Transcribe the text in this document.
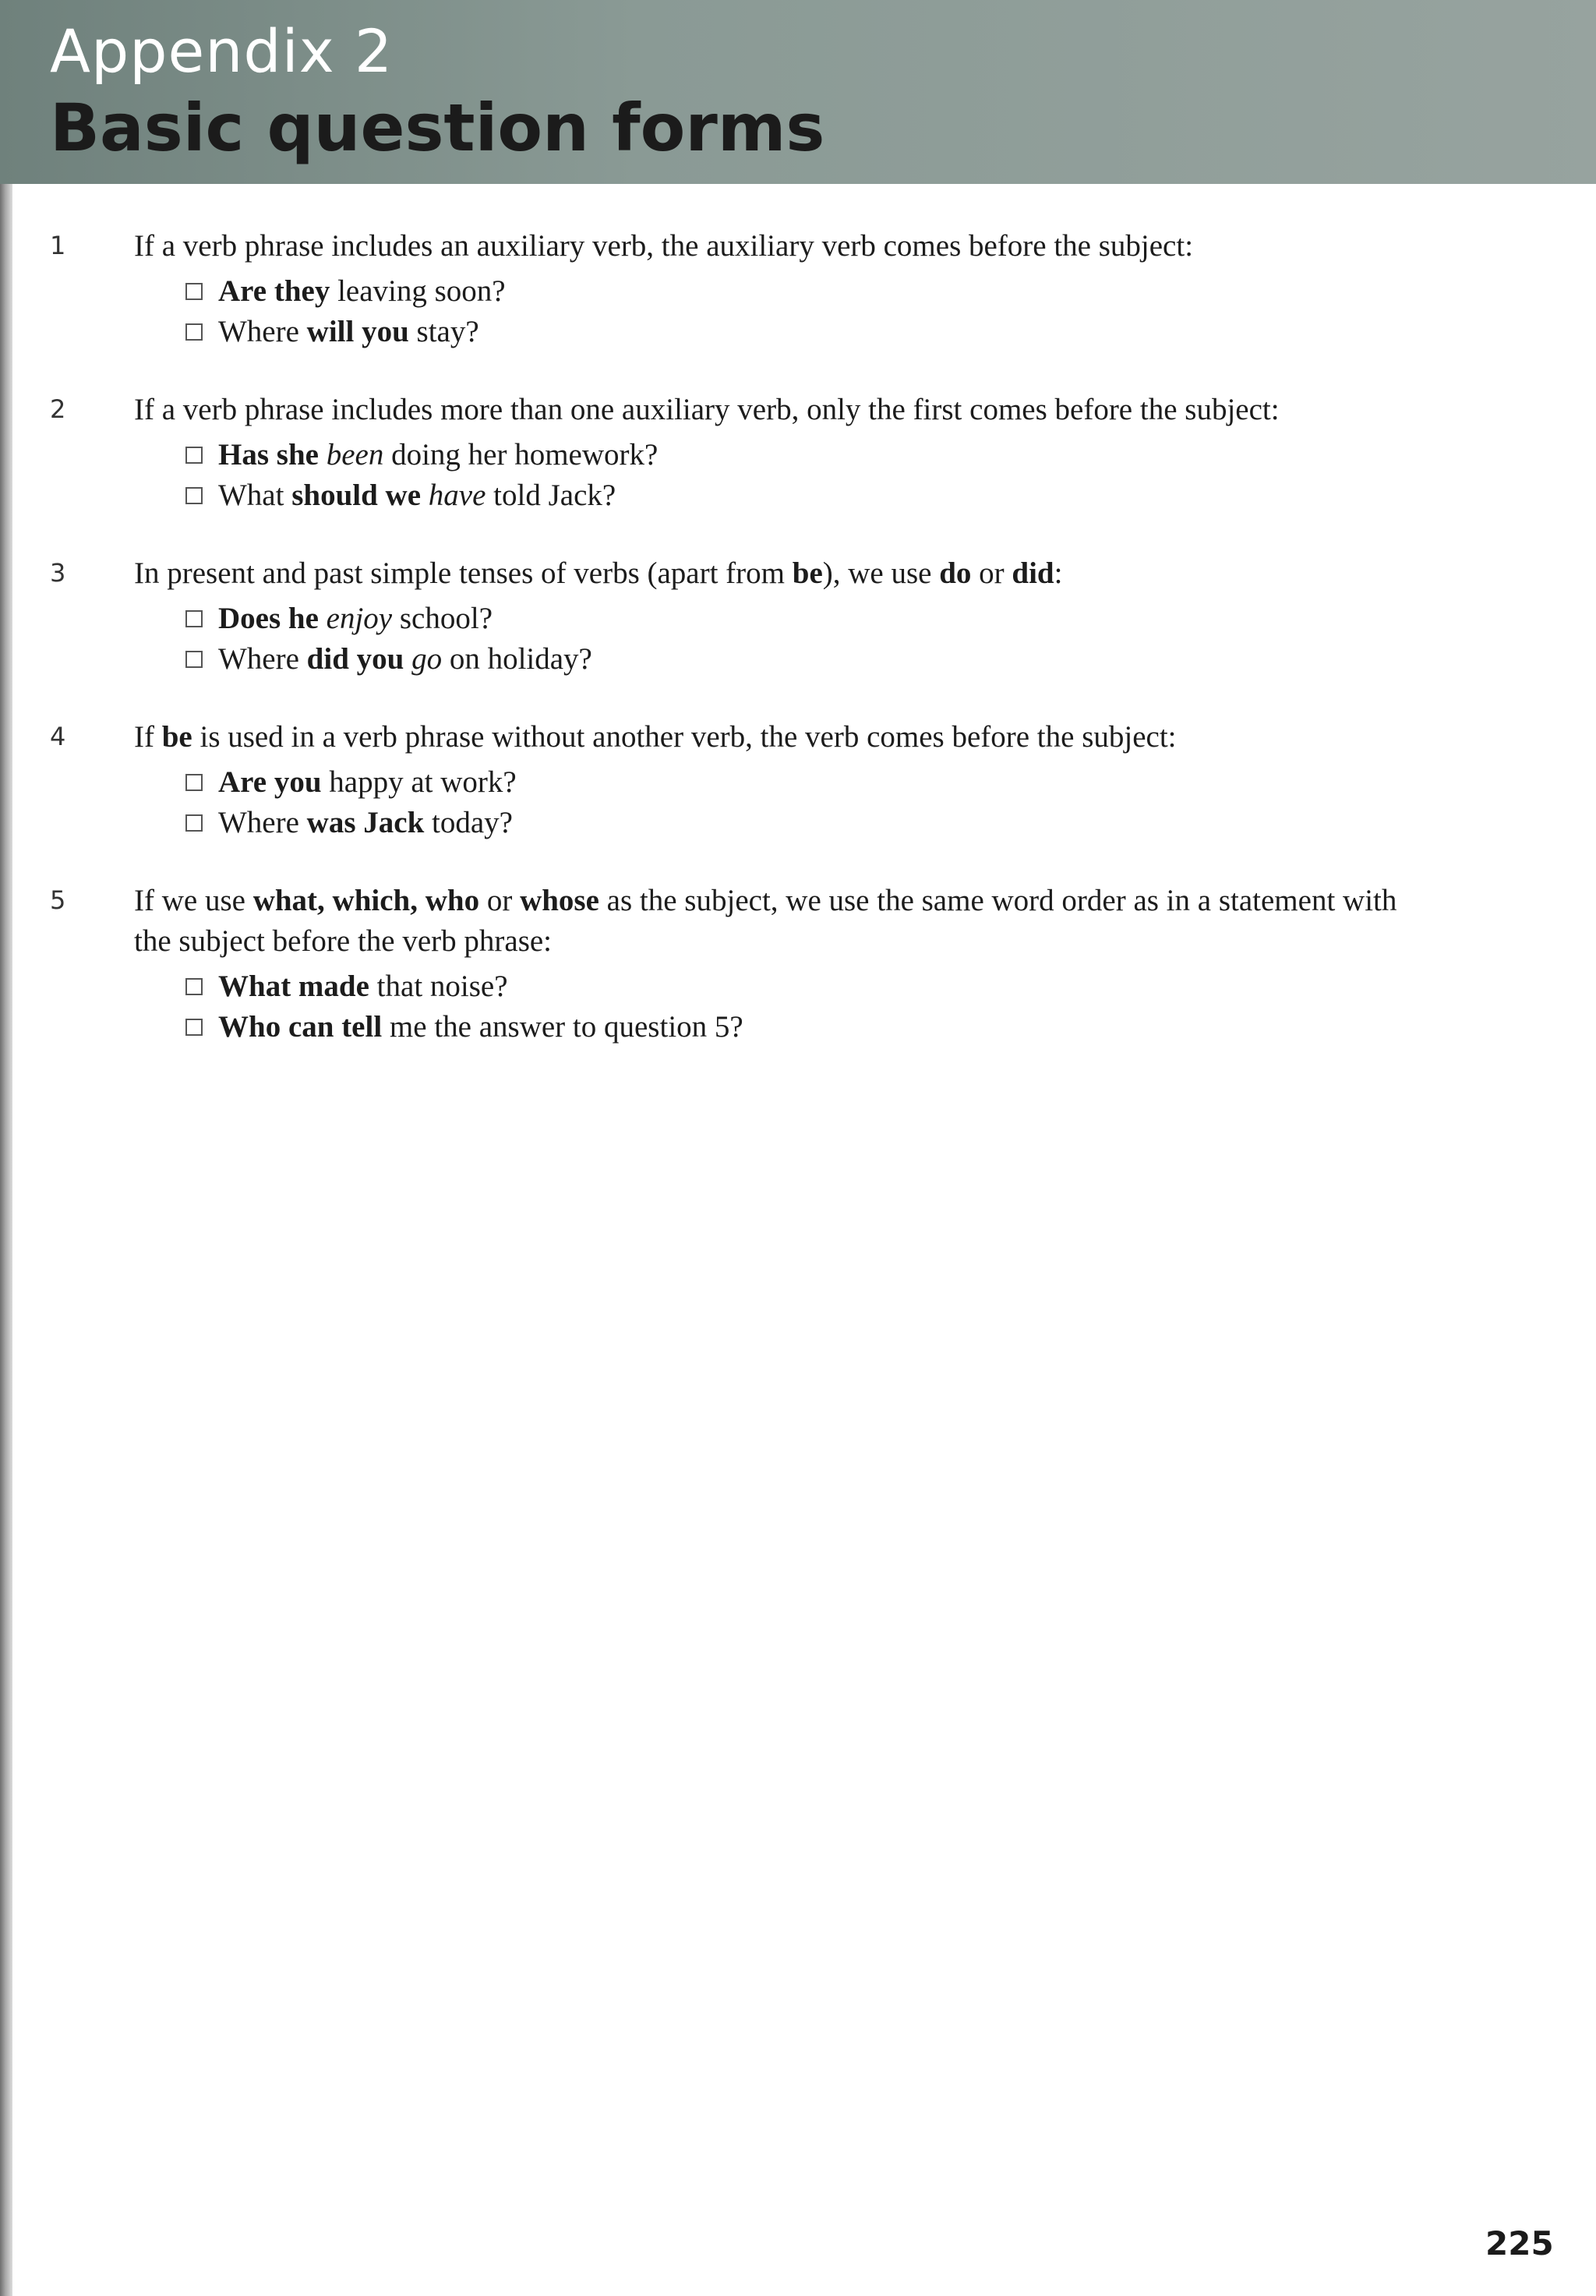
Appendix 2
Basic question forms
1 If a verb phrase includes an auxiliary verb, the auxiliary verb comes before the subject:
Are they leaving soon?
Where will you stay?
2 If a verb phrase includes more than one auxiliary verb, only the first comes before the subject:
Has she been doing her homework?
What should we have told Jack?
3 In present and past simple tenses of verbs (apart from be), we use do or did:
Does he enjoy school?
Where did you go on holiday?
4 If be is used in a verb phrase without another verb, the verb comes before the subject:
Are you happy at work?
Where was Jack today?
5 If we use what, which, who or whose as the subject, we use the same word order as in a statement with the subject before the verb phrase:
What made that noise?
Who can tell me the answer to question 5?
225
